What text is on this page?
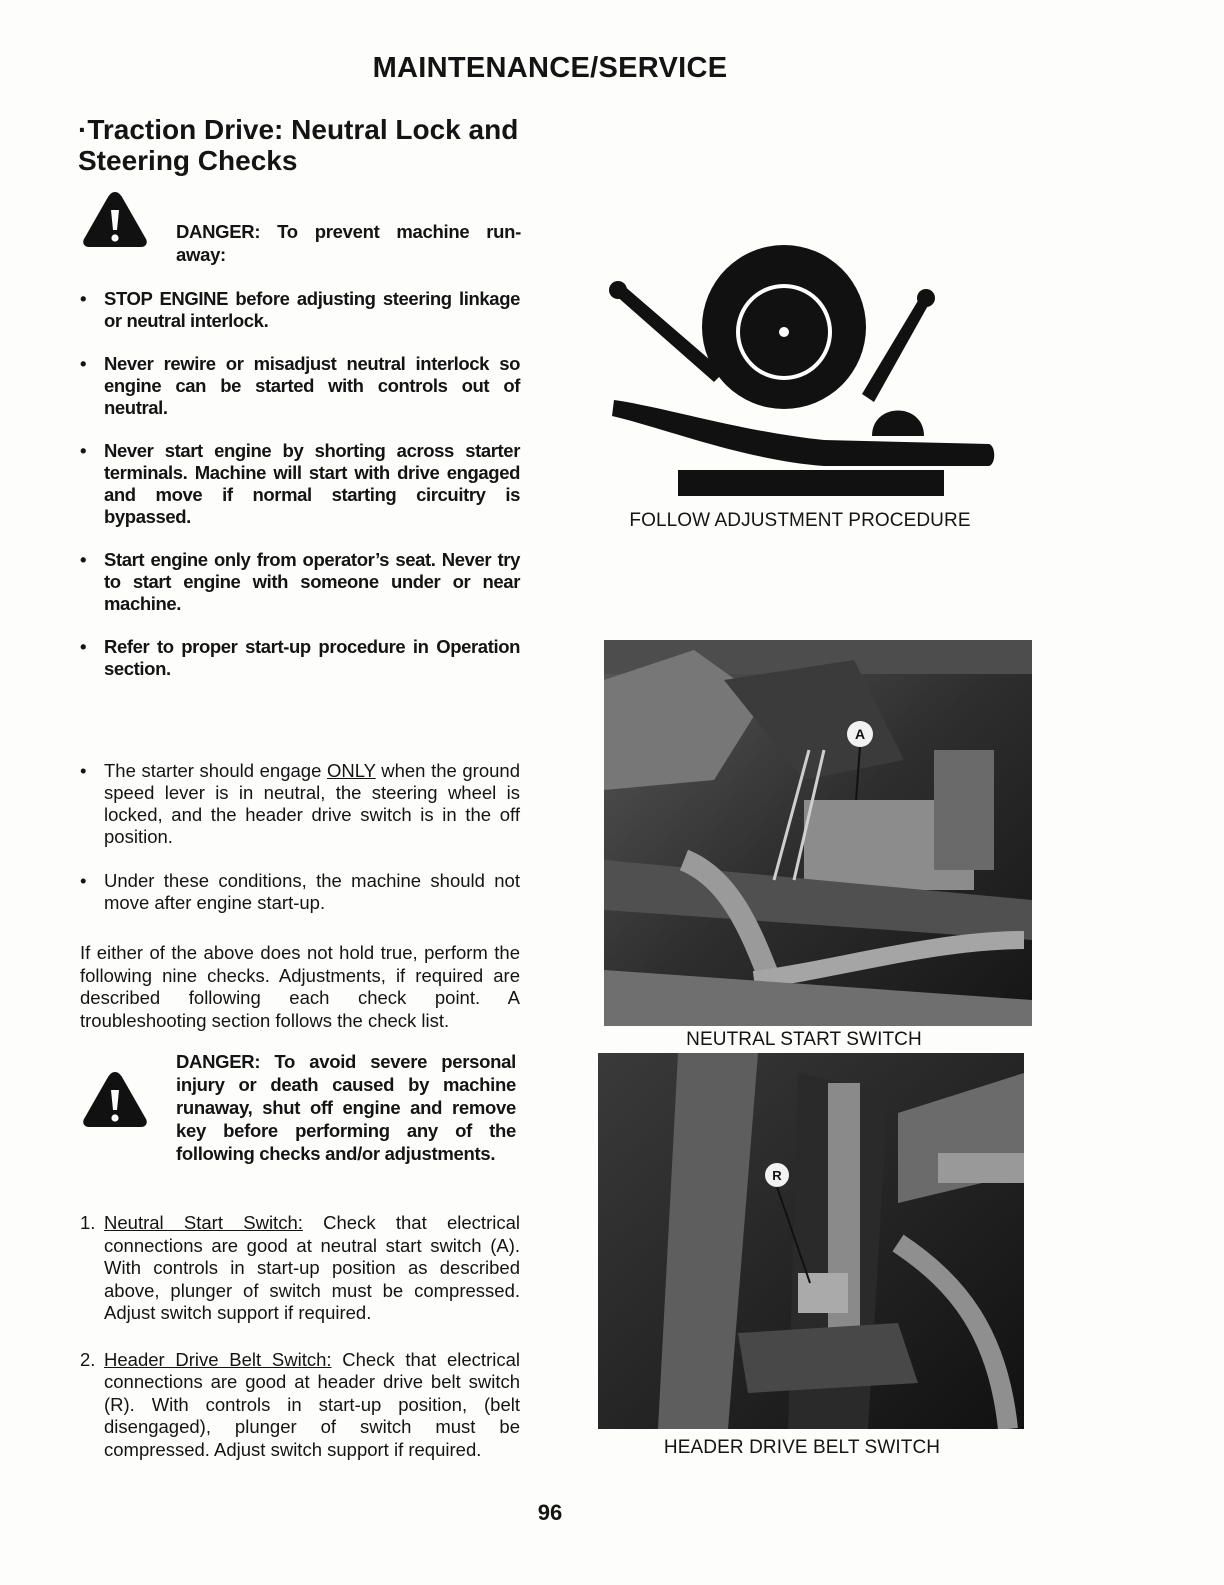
MAINTENANCE/SERVICE
·Traction Drive: Neutral Lock and
Steering Checks
DANGER: To prevent machine run-
away:
• STOP ENGINE before adjusting steering linkage or neutral interlock.
• Never rewire or misadjust neutral interlock so engine can be started with controls out of neutral.
• Never start engine by shorting across starter terminals. Machine will start with drive engaged and move if normal starting circuitry is bypassed.
• Start engine only from operator’s seat. Never try to start engine with someone under or near machine.
• Refer to proper start-up procedure in Operation section.
• The starter should engage ONLY when the ground speed lever is in neutral, the steering wheel is locked, and the header drive switch is in the off position.
• Under these conditions, the machine should not move after engine start-up.
If either of the above does not hold true, perform the following nine checks. Adjustments, if required are described following each check point. A troubleshooting section follows the check list.
DANGER: To avoid severe personal injury or death caused by machine runaway, shut off engine and remove key before performing any of the following checks and/or adjustments.
1. Neutral Start Switch: Check that electrical connections are good at neutral start switch (A). With controls in start-up position as described above, plunger of switch must be compressed. Adjust switch support if required.
2. Header Drive Belt Switch: Check that electrical connections are good at header drive belt switch (R). With controls in start-up position, (belt disengaged), plunger of switch must be compressed. Adjust switch support if required.
FOLLOW ADJUSTMENT PROCEDURE
A
NEUTRAL START SWITCH
R
HEADER DRIVE BELT SWITCH
96
